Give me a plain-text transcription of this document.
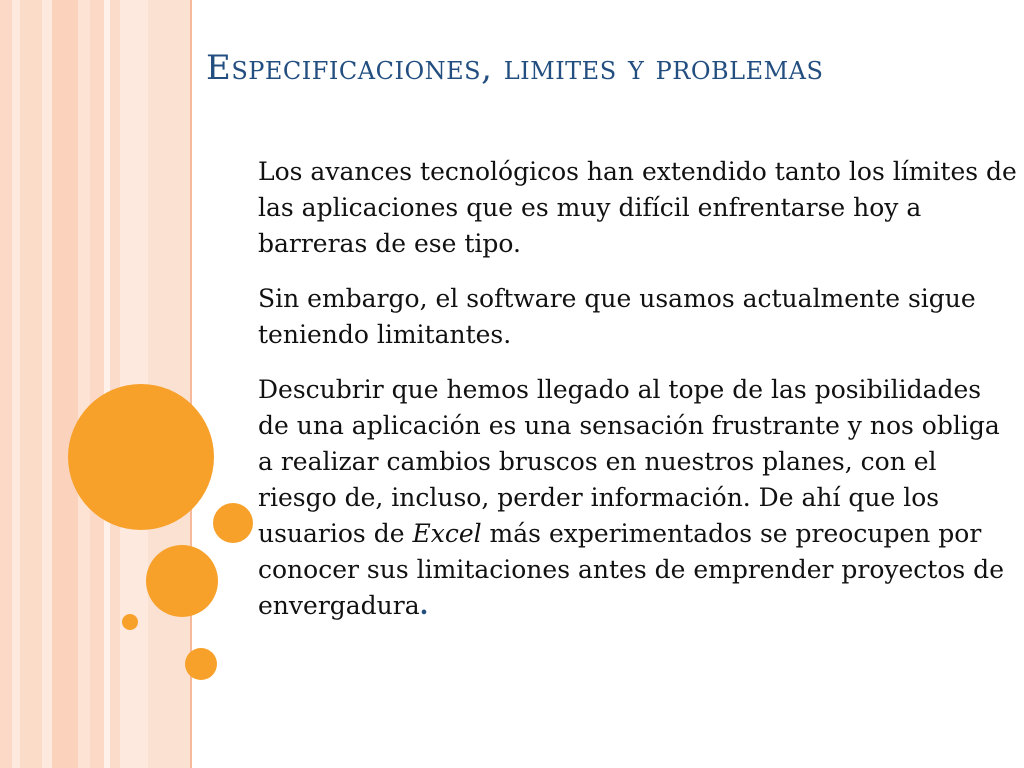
Especificaciones, limites y problemas

Los avances tecnológicos han extendido tanto los límites de las aplicaciones que es muy difícil enfrentarse hoy a barreras de ese tipo.

Sin embargo, el software que usamos actualmente sigue teniendo limitantes.

Descubrir que hemos llegado al tope de las posibilidades de una aplicación es una sensación frustrante y nos obliga a realizar cambios bruscos en nuestros planes, con el riesgo de, incluso, perder información. De ahí que los usuarios de Excel más experimentados se preocupen por conocer sus limitaciones antes de emprender proyectos de envergadura.
